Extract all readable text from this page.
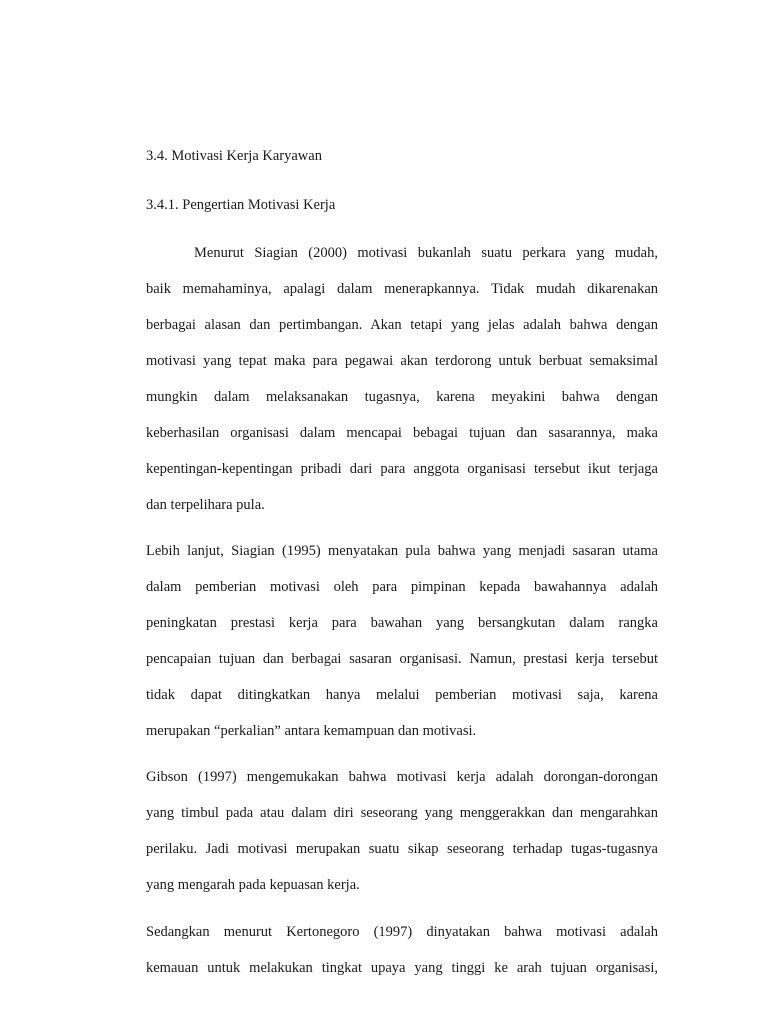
3.4. Motivasi Kerja Karyawan
3.4.1. Pengertian Motivasi Kerja
Menurut Siagian (2000) motivasi bukanlah suatu perkara yang mudah,
baik memahaminya, apalagi dalam menerapkannya. Tidak mudah dikarenakan
berbagai alasan dan pertimbangan. Akan tetapi yang jelas adalah bahwa dengan
motivasi yang tepat maka para pegawai akan terdorong untuk berbuat semaksimal
mungkin dalam melaksanakan tugasnya, karena meyakini bahwa dengan
keberhasilan organisasi dalam mencapai bebagai tujuan dan sasarannya, maka
kepentingan-kepentingan pribadi dari para anggota organisasi tersebut ikut terjaga
dan terpelihara pula.
Lebih lanjut, Siagian (1995) menyatakan pula bahwa yang menjadi sasaran utama
dalam pemberian motivasi oleh para pimpinan kepada bawahannya adalah
peningkatan prestasi kerja para bawahan yang bersangkutan dalam rangka
pencapaian tujuan dan berbagai sasaran organisasi. Namun, prestasi kerja tersebut
tidak dapat ditingkatkan hanya melalui pemberian motivasi saja, karena
merupakan “perkalian” antara kemampuan dan motivasi.
Gibson (1997) mengemukakan bahwa motivasi kerja adalah dorongan-dorongan
yang timbul pada atau dalam diri seseorang yang menggerakkan dan mengarahkan
perilaku. Jadi motivasi merupakan suatu sikap seseorang terhadap tugas-tugasnya
yang mengarah pada kepuasan kerja.
Sedangkan menurut Kertonegoro (1997) dinyatakan bahwa motivasi adalah
kemauan untuk melakukan tingkat upaya yang tinggi ke arah tujuan organisasi,
